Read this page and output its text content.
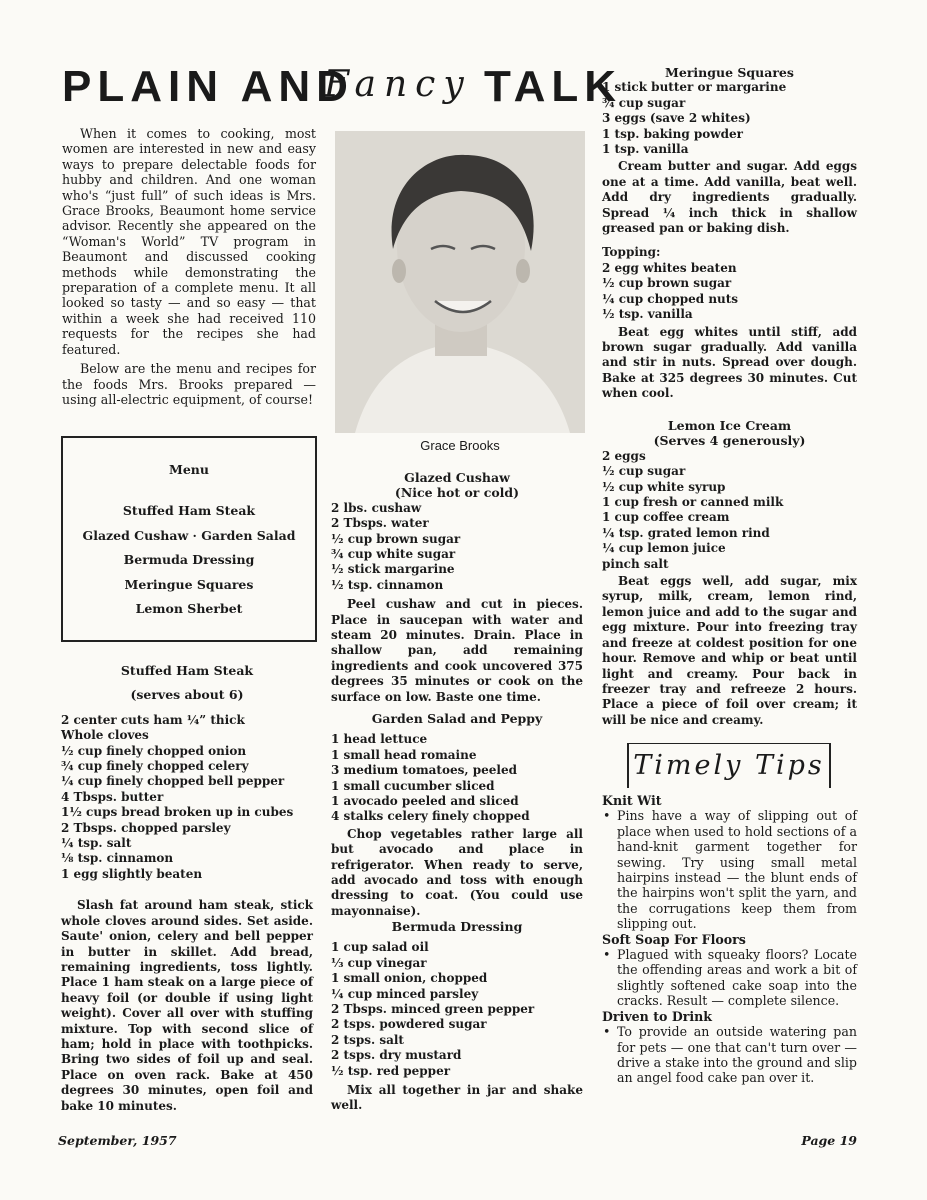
PLAIN AND
Fancy TALK

When it comes to cooking, most women are interested in new and easy ways to prepare delectable foods for hubby and children. And one woman who's “just full” of such ideas is Mrs. Grace Brooks, Beaumont home service advisor. Recently she appeared on the “Woman's World” TV program in Beaumont and discussed cooking methods while demonstrating the preparation of a complete menu. It all looked so tasty — and so easy — that within a week she had received 110 requests for the recipes she had featured.

Below are the menu and recipes for the foods Mrs. Brooks prepared — using all-electric equipment, of course!

Grace Brooks
Menu
Stuffed Ham Steak
Glazed Cushaw · Garden Salad
Bermuda Dressing
Meringue Squares
Lemon Sherbet
Stuffed Ham Steak
(serves about 6)
2 center cuts ham ¼” thick
Whole cloves
½ cup finely chopped onion
¾ cup finely chopped celery
¼ cup finely chopped bell pepper
4 Tbsps. butter
1½ cups bread broken up in cubes
2 Tbsps. chopped parsley
¼ tsp. salt
⅛ tsp. cinnamon
1 egg slightly beaten

Slash fat around ham steak, stick whole cloves around sides. Set aside. Saute' onion, celery and bell pepper in butter in skillet. Add bread, remaining ingredients, toss lightly. Place 1 ham steak on a large piece of heavy foil (or double if using light weight). Cover all over with stuffing mixture. Top with second slice of ham; hold in place with toothpicks. Bring two sides of foil up and seal. Place on oven rack. Bake at 450 degrees 30 minutes, open foil and bake 10 minutes.

Glazed Cushaw
(Nice hot or cold)
2 lbs. cushaw
2 Tbsps. water
½ cup brown sugar
¾ cup white sugar
½ stick margarine
½ tsp. cinnamon

Peel cushaw and cut in pieces. Place in saucepan with water and steam 20 minutes. Drain. Place in shallow pan, add remaining ingredients and cook uncovered 375 degrees 35 minutes or cook on the surface on low. Baste one time.

Garden Salad and Peppy
1 head lettuce
1 small head romaine
3 medium tomatoes, peeled
1 small cucumber sliced
1 avocado peeled and sliced
4 stalks celery finely chopped

Chop vegetables rather large all but avocado and place in refrigerator. When ready to serve, add avocado and toss with enough dressing to coat. (You could use mayonnaise).

Bermuda Dressing
1 cup salad oil
⅓ cup vinegar
1 small onion, chopped
¼ cup minced parsley
2 Tbsps. minced green pepper
2 tsps. powdered sugar
2 tsps. salt
2 tsps. dry mustard
½ tsp. red pepper

Mix all together in jar and shake well.

Meringue Squares
1 stick butter or margarine
¾ cup sugar
3 eggs (save 2 whites)
1 tsp. baking powder
1 tsp. vanilla

Cream butter and sugar. Add eggs one at a time. Add vanilla, beat well. Add dry ingredients gradually. Spread ¼ inch thick in shallow greased pan or baking dish.

Topping:
2 egg whites beaten
½ cup brown sugar
¼ cup chopped nuts
½ tsp. vanilla

Beat egg whites until stiff, add brown sugar gradually. Add vanilla and stir in nuts. Spread over dough. Bake at 325 degrees 30 minutes. Cut when cool.

Lemon Ice Cream
(Serves 4 generously)
2 eggs
½ cup sugar
½ cup white syrup
1 cup fresh or canned milk
1 cup coffee cream
¼ tsp. grated lemon rind
¼ cup lemon juice
pinch salt

Beat eggs well, add sugar, mix syrup, milk, cream, lemon rind, lemon juice and add to the sugar and egg mixture. Pour into freezing tray and freeze at coldest position for one hour. Remove and whip or beat until light and creamy. Pour back in freezer tray and refreeze 2 hours. Place a piece of foil over cream; it will be nice and creamy.

Timely Tips
Knit Wit
• Pins have a way of slipping out of place when used to hold sections of a hand-knit garment together for sewing. Try using small metal hairpins instead — the blunt ends of the hairpins won't split the yarn, and the corrugations keep them from slipping out.
Soft Soap For Floors
• Plagued with squeaky floors? Locate the offending areas and work a bit of slightly softened cake soap into the cracks. Result — complete silence.
Driven to Drink
• To provide an outside watering pan for pets — one that can't turn over — drive a stake into the ground and slip an angel food cake pan over it.
September, 1957	Page 19
